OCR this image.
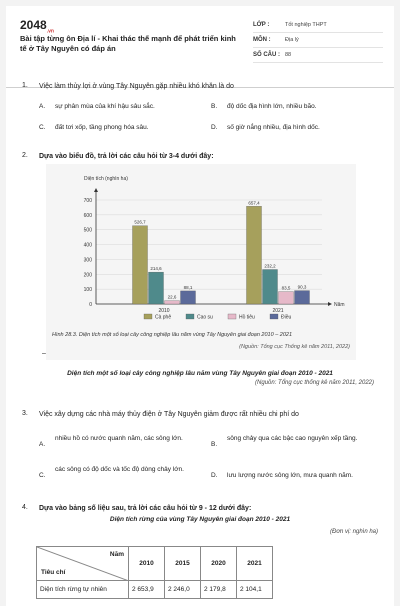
$2048_{.vn}$
Bài tập từng ôn Địa lí - Khai thác thế mạnh để phát triển kinh tế ở Tây Nguyên có đáp án
LỚP :	Tốt nghiệp THPT
MÔN :	Địa lý
SỐ CÂU : 88
1.	Việc làm thủy lợi ở vùng Tây Nguyên gặp nhiều khó khăn là do
A. sự phân mùa của khí hậu sâu sắc.	B. độ dốc địa hình lớn, nhiều bão.
C. đất tơi xốp, tầng phong hóa sâu.	D. số giờ nắng nhiều, địa hình dốc.
2.	Dựa vào biểu đồ, trả lời các câu hỏi từ 3-4 dưới đây:
Diện tích (nghìn ha)
0
100
200
300
400
500
600
700
Năm
526,7
214,6
22,6
88,1
2010
657,4
232,2
83,5 90,3
2021
Cà phê	Cao su	Hồ tiêu	Điều
Hình 28.3. Diện tích một số loại cây công nghiệp lâu năm vùng Tây Nguyên giai đoạn 2010 – 2021
(Nguồn: Tổng cục Thống kê năm 2011, 2022)
–
Diện tích một số loại cây công nghiệp lâu năm vùng Tây Nguyên giai đoạn 2010 - 2021
(Nguồn: Tổng cục thống kê năm 2011, 2022)
3.	Việc xây dựng các nhà máy thủy điện ở Tây Nguyên giảm được rất nhiều chi phí do
A.
nhiều hồ có nước quanh năm, các sông lớn.
B.
sông chảy qua các bậc cao nguyên xếp tầng.
C.
các sông có độ dốc và tốc độ dòng chảy lớn.
D. lưu lượng nước sông lớn, mưa quanh năm.
4.	Dựa vào bảng số liệu sau, trả lời các câu hỏi từ 9 - 12 dưới đây:
Diện tích rừng của vùng Tây Nguyên giai đoạn 2010 - 2021
(Đơn vị: nghìn ha)
Năm
Tiêu chí	2010	2015	2020	2021
Diện tích rừng tự nhiên	2 653,9	2 246,0	2 179,8	2 104,1
